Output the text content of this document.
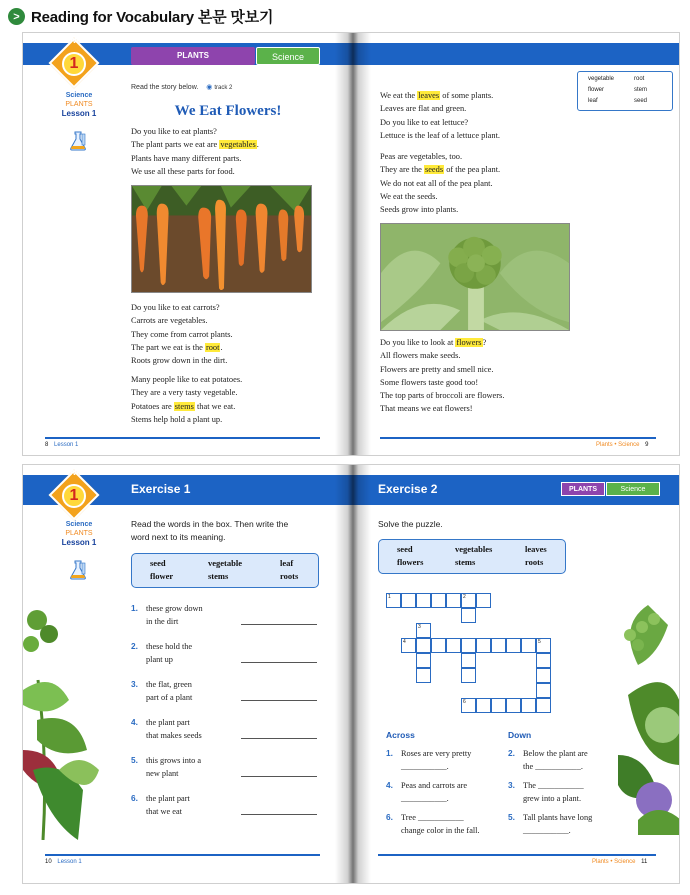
> Reading for Vocabulary 본문 맛보기
1
UNIT
PLANTS	Science
Science
PLANTS
Lesson 1
Read the story below. ◉ track 2
We Eat Flowers!
Do you like to eat plants?
The plant parts we eat are vegetables.
Plants have many different parts.
We use all these parts for food.
Do you like to eat carrots?
Carrots are vegetables.
They come from carrot plants.
The part we eat is the root.
Roots grow down in the dirt.
Many people like to eat potatoes.
They are a very tasty vegetable.
Potatoes are stems that we eat.
Stems help hold a plant up.
8 Lesson 1
vegetable	root
flower	stem
leaf	seed
We eat the leaves of some plants.
Leaves are flat and green.
Do you like to eat lettuce?
Lettuce is the leaf of a lettuce plant.
Peas are vegetables, too.
They are the seeds of the pea plant.
We do not eat all of the pea plant.
We eat the seeds.
Seeds grow into plants.
Do you like to look at flowers?
All flowers make seeds.
Flowers are pretty and smell nice.
Some flowers taste good too!
The top parts of broccoli are flowers.
That means we eat flowers!
Plants • Science 9
1
UNIT
Exercise 1
Science
PLANTS
Lesson 1
Read the words in the box. Then write the
word next to its meaning.
seed	vegetable	leaf
flower	stems	roots
10 Lesson 1
1. these grow down
in the dirt
2. these hold the
plant up
3. the flat, green
part of a plant
4. the plant part
that makes seeds
5. this grows into a
new plant
6. the plant part
that we eat
Exercise 2	PLANTS	Science
Solve the puzzle.
seed	vegetables	leaves
flowers	stems	roots
1	2
3
4	5
6
Across	Down
Plants • Science 11
1. Roses are very pretty
___________.
4. Peas and carrots are
___________.
6. Tree ___________
change color in the fall.
2. Below the plant are
the ___________.
3. The ___________
grew into a plant.
5. Tall plants have long
___________.
